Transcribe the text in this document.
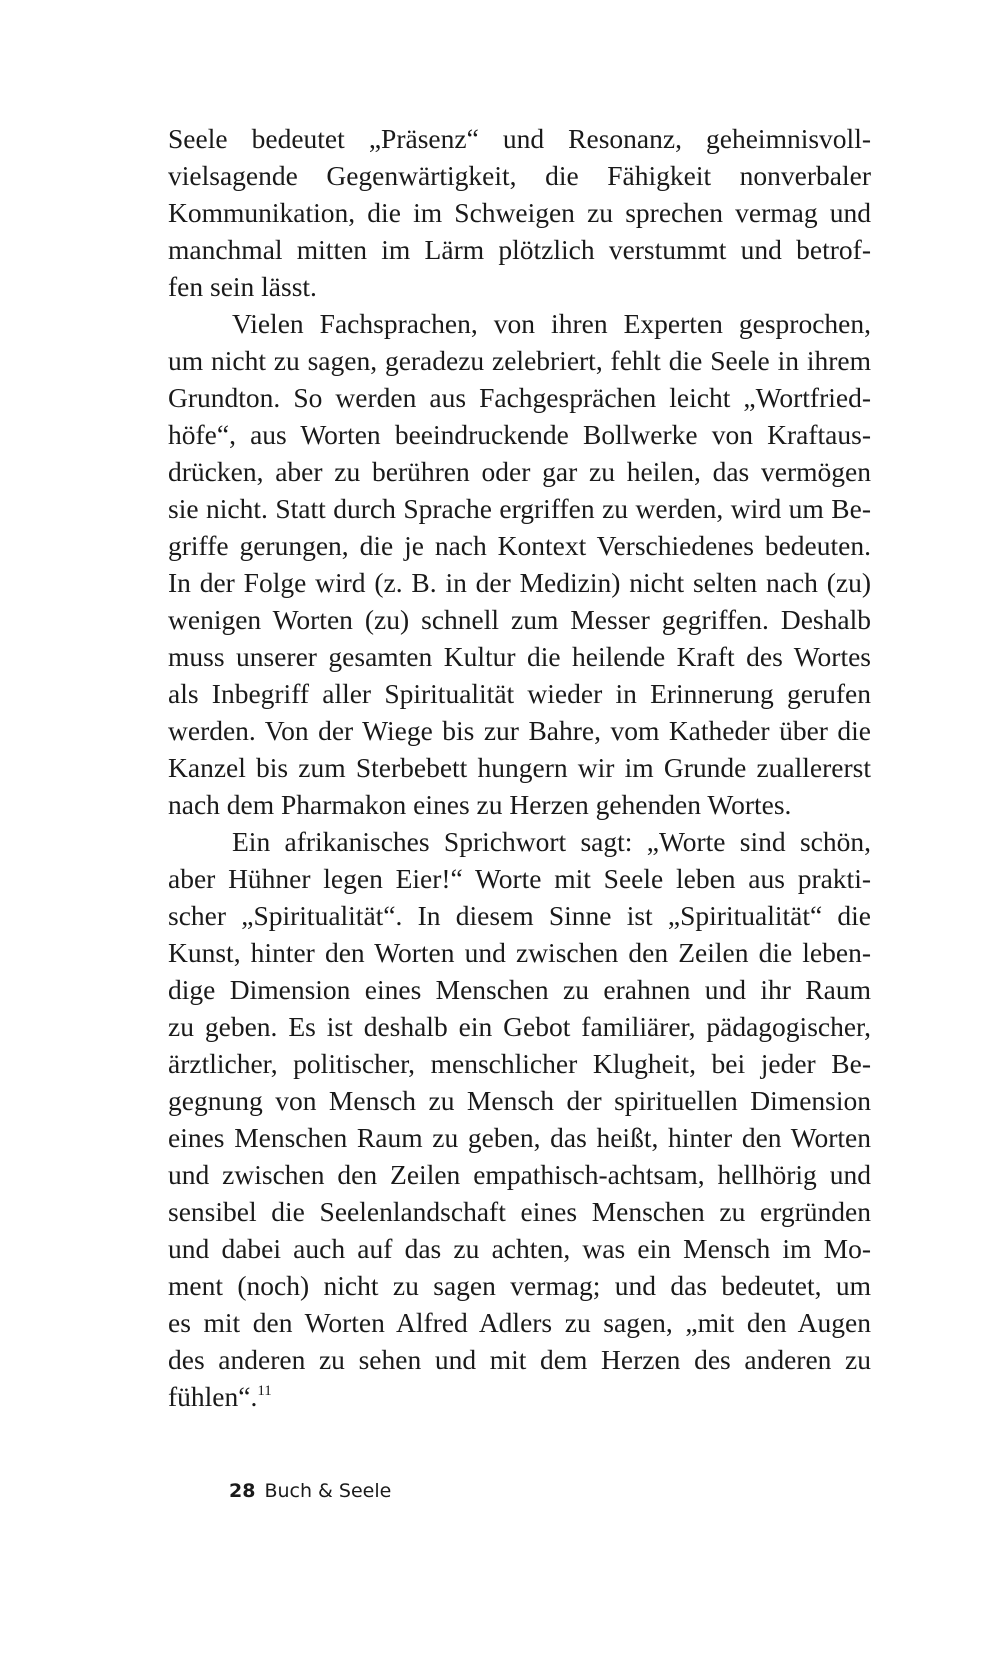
Seele bedeutet „Präsenz“ und Resonanz, geheimnisvoll-
vielsagende Gegenwärtigkeit, die Fähigkeit nonverbaler
Kommunikation, die im Schweigen zu sprechen vermag und
manchmal mitten im Lärm plötzlich verstummt und betrof-
fen sein lässt.

Vielen Fachsprachen, von ihren Experten gesprochen,
um nicht zu sagen, geradezu zelebriert, fehlt die Seele in ihrem
Grundton. So werden aus Fachgesprächen leicht „Wortfried-
höfe“, aus Worten beeindruckende Bollwerke von Kraftaus-
drücken, aber zu berühren oder gar zu heilen, das vermögen
sie nicht. Statt durch Sprache ergriffen zu werden, wird um Be-
griffe gerungen, die je nach Kontext Verschiedenes bedeuten.
In der Folge wird (z. B. in der Medizin) nicht selten nach (zu)
wenigen Worten (zu) schnell zum Messer gegriffen. Deshalb
muss unserer gesamten Kultur die heilende Kraft des Wortes
als Inbegriff aller Spiritualität wieder in Erinnerung gerufen
werden. Von der Wiege bis zur Bahre, vom Katheder über die
Kanzel bis zum Sterbebett hungern wir im Grunde zuallererst
nach dem Pharmakon eines zu Herzen gehenden Wortes.

Ein afrikanisches Sprichwort sagt: „Worte sind schön,
aber Hühner legen Eier!“ Worte mit Seele leben aus prakti-
scher „Spiritualität“. In diesem Sinne ist „Spiritualität“ die
Kunst, hinter den Worten und zwischen den Zeilen die leben-
dige Dimension eines Menschen zu erahnen und ihr Raum
zu geben. Es ist deshalb ein Gebot familiärer, pädagogischer,
ärztlicher, politischer, menschlicher Klugheit, bei jeder Be-
gegnung von Mensch zu Mensch der spirituellen Dimension
eines Menschen Raum zu geben, das heißt, hinter den Worten
und zwischen den Zeilen empathisch-achtsam, hellhörig und
sensibel die Seelenlandschaft eines Menschen zu ergründen
und dabei auch auf das zu achten, was ein Mensch im Mo-
ment (noch) nicht zu sagen vermag; und das bedeutet, um
es mit den Worten Alfred Adlers zu sagen, „mit den Augen
des anderen zu sehen und mit dem Herzen des anderen zu
fühlen“.$^{11}$

28 Buch & Seele
